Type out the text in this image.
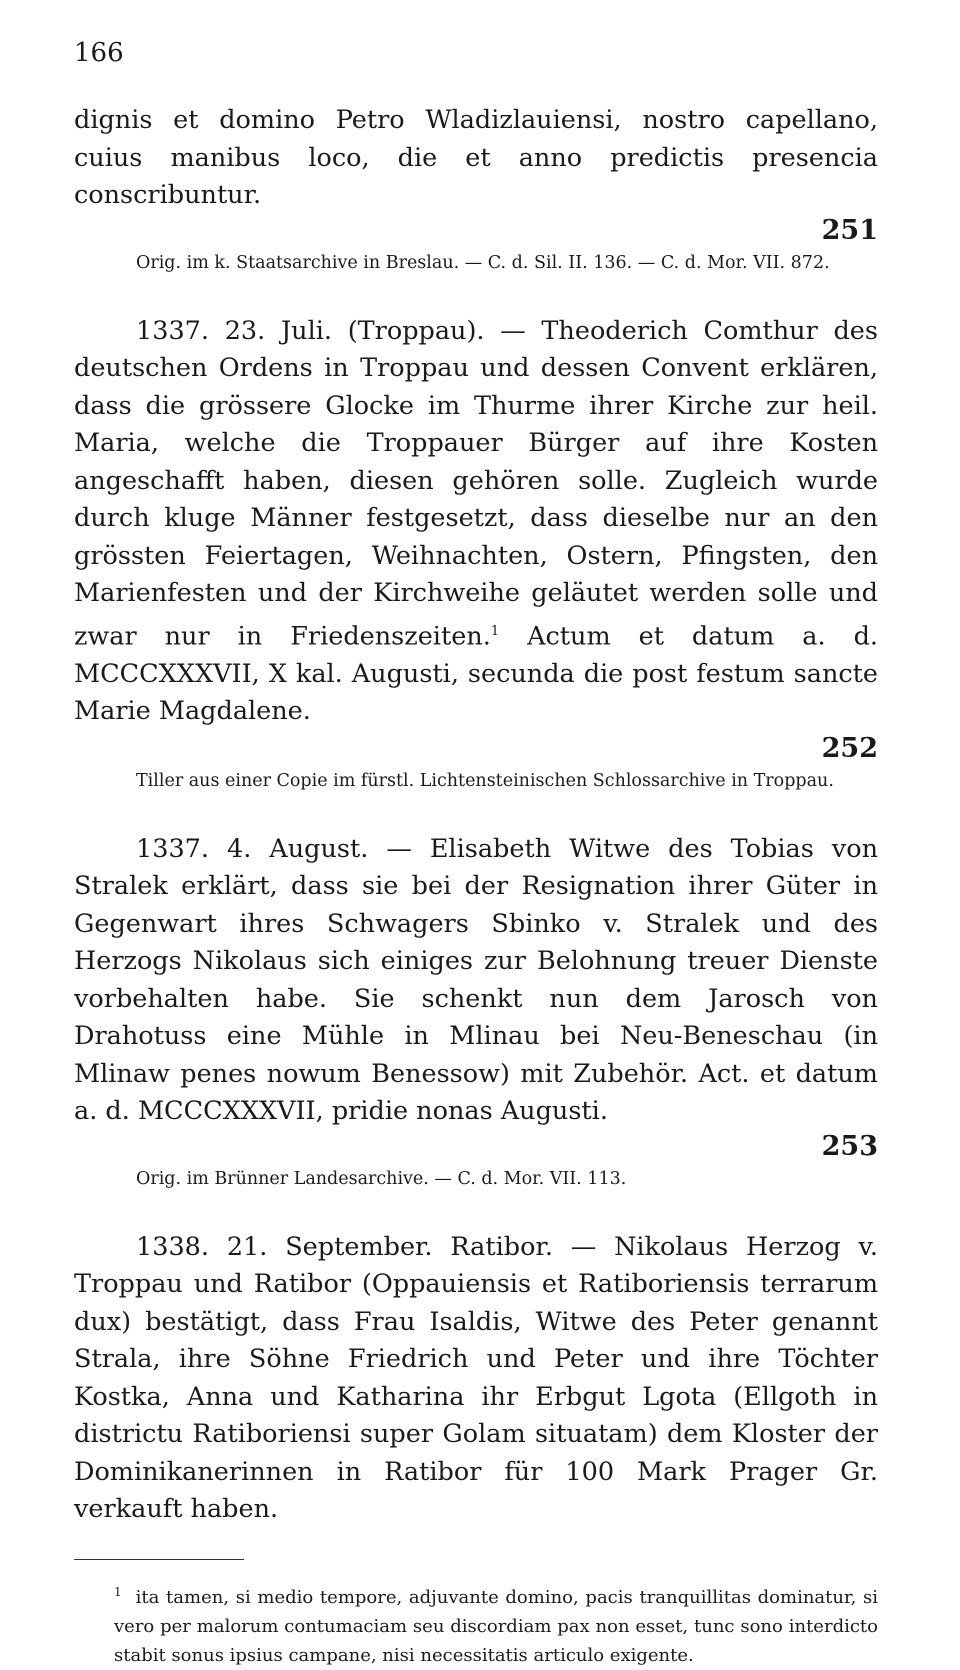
166

dignis et domino Petro Wladizlauiensi, nostro capellano, cuius manibus loco, die et anno predictis presencia conscribuntur.

251

Orig. im k. Staatsarchive in Breslau. — C. d. Sil. II. 136. — C. d. Mor. VII. 872.

1337. 23. Juli. (Troppau). — Theoderich Comthur des deutschen Ordens in Troppau und dessen Convent erklären, dass die grössere Glocke im Thurme ihrer Kirche zur heil. Maria, welche die Troppauer Bürger auf ihre Kosten angeschafft haben, diesen gehören solle. Zugleich wurde durch kluge Männer festgesetzt, dass dieselbe nur an den grössten Feiertagen, Weihnachten, Ostern, Pfingsten, den Marienfesten und der Kirchweihe geläutet werden solle und zwar nur in Friedenszeiten.$^1$ Actum et datum a. d. MCCCXXXVII, X kal. Augusti, secunda die post festum sancte Marie Magdalene.

252

Tiller aus einer Copie im fürstl. Lichtensteinischen Schlossarchive in Troppau.

1337. 4. August. — Elisabeth Witwe des Tobias von Stralek erklärt, dass sie bei der Resignation ihrer Güter in Gegenwart ihres Schwagers Sbinko v. Stralek und des Herzogs Nikolaus sich einiges zur Belohnung treuer Dienste vorbehalten habe. Sie schenkt nun dem Jarosch von Drahotuss eine Mühle in Mlinau bei Neu-Beneschau (in Mlinaw penes nowum Benessow) mit Zubehör. Act. et datum a. d. MCCCXXXVII, pridie nonas Augusti.

253

Orig. im Brünner Landesarchive. — C. d. Mor. VII. 113.

1338. 21. September. Ratibor. — Nikolaus Herzog v. Troppau und Ratibor (Oppauiensis et Ratiboriensis terrarum dux) bestätigt, dass Frau Isaldis, Witwe des Peter genannt Strala, ihre Söhne Friedrich und Peter und ihre Töchter Kostka, Anna und Katharina ihr Erbgut Lgota (Ellgoth in districtu Ratiboriensi super Golam situatam) dem Kloster der Dominikanerinnen in Ratibor für 100 Mark Prager Gr. verkauft haben.

$^1$ ita tamen, si medio tempore, adjuvante domino, pacis tranquillitas dominatur, si vero per malorum contumaciam seu discordiam pax non esset, tunc sono interdicto stabit sonus ipsius campane, nisi necessitatis articulo exigente.
